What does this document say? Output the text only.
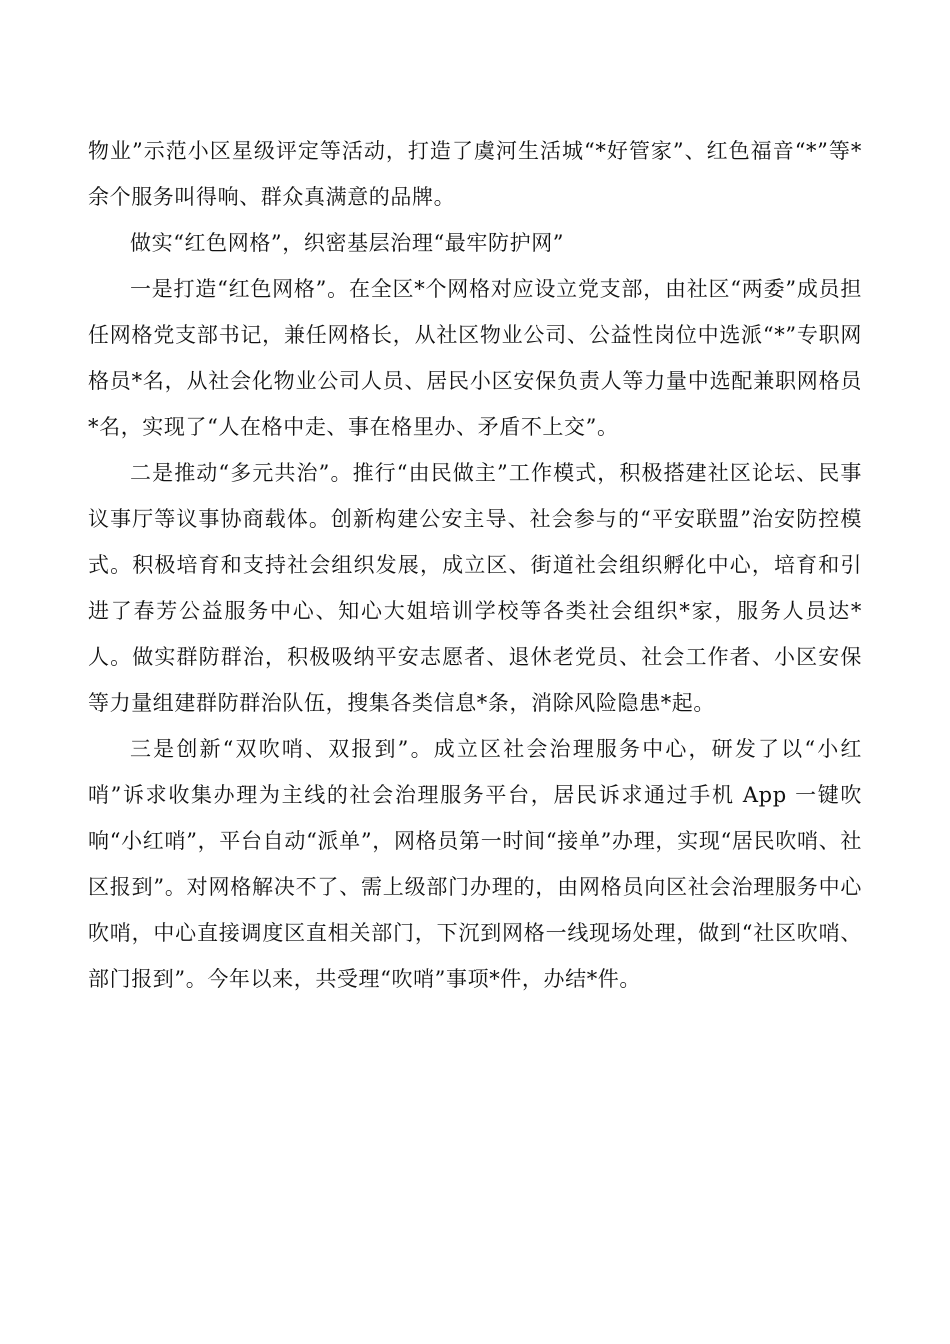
物业”示范小区星级评定等活动，打造了虞河生活城“*好管家”、红色福音“*”等*余个服务叫得响、群众真满意的品牌。

做实“红色网格”，织密基层治理“最牢防护网”

一是打造“红色网格”。在全区*个网格对应设立党支部，由社区“两委”成员担任网格党支部书记，兼任网格长，从社区物业公司、公益性岗位中选派“*”专职网格员*名，从社会化物业公司人员、居民小区安保负责人等力量中选配兼职网格员*名，实现了“人在格中走、事在格里办、矛盾不上交”。

二是推动“多元共治”。推行“由民做主”工作模式，积极搭建社区论坛、民事议事厅等议事协商载体。创新构建公安主导、社会参与的“平安联盟”治安防控模式。积极培育和支持社会组织发展，成立区、街道社会组织孵化中心，培育和引进了春芳公益服务中心、知心大姐培训学校等各类社会组织*家，服务人员达*人。做实群防群治，积极吸纳平安志愿者、退休老党员、社会工作者、小区安保等力量组建群防群治队伍，搜集各类信息*条，消除风险隐患*起。

三是创新“双吹哨、双报到”。成立区社会治理服务中心，研发了以“小红哨”诉求收集办理为主线的社会治理服务平台，居民诉求通过手机 App 一键吹响“小红哨”，平台自动“派单”，网格员第一时间“接单”办理，实现“居民吹哨、社区报到”。对网格解决不了、需上级部门办理的，由网格员向区社会治理服务中心吹哨，中心直接调度区直相关部门，下沉到网格一线现场处理，做到“社区吹哨、部门报到”。今年以来，共受理“吹哨”事项*件，办结*件。
